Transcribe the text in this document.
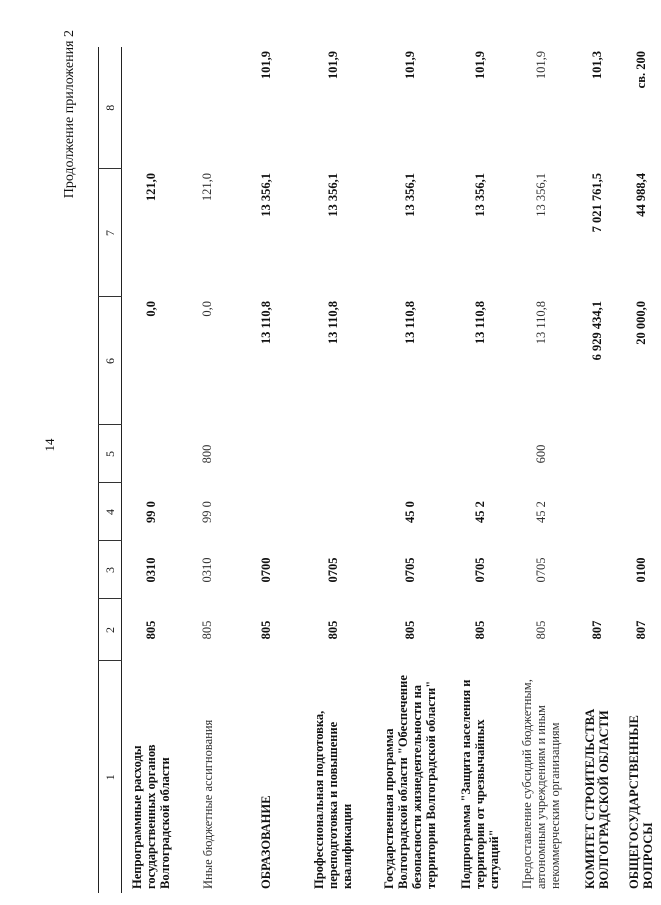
14
Продолжение приложения 2
1	2	3	4	5	6	7	8
Непрограммные расходы государственных органов Волгоградской области	805	0310	99 0		0,0	121,0	
Иные бюджетные ассигнования	805	0310	99 0	800	0,0	121,0	
ОБРАЗОВАНИЕ	805	0700			13 110,8	13 356,1	101,9
Профессиональная подготовка, переподготовка и повышение квалификации	805	0705			13 110,8	13 356,1	101,9
Государственная программа Волгоградской области "Обеспечение безопасности жизнедеятельности на территории Волгоградской области"	805	0705	45 0		13 110,8	13 356,1	101,9
Подпрограмма "Защита населения и территории от чрезвычайных ситуаций"	805	0705	45 2		13 110,8	13 356,1	101,9
Предоставление субсидий бюджетным, автономным учреждениям и иным некоммерческим организациям	805	0705	45 2	600	13 110,8	13 356,1	101,9
КОМИТЕТ СТРОИТЕЛЬСТВА ВОЛГОГРАДСКОЙ ОБЛАСТИ	807				6 929 434,1	7 021 761,5	101,3
ОБЩЕГОСУДАРСТВЕННЫЕ ВОПРОСЫ	807	0100			20 000,0	44 988,4	св. 200
